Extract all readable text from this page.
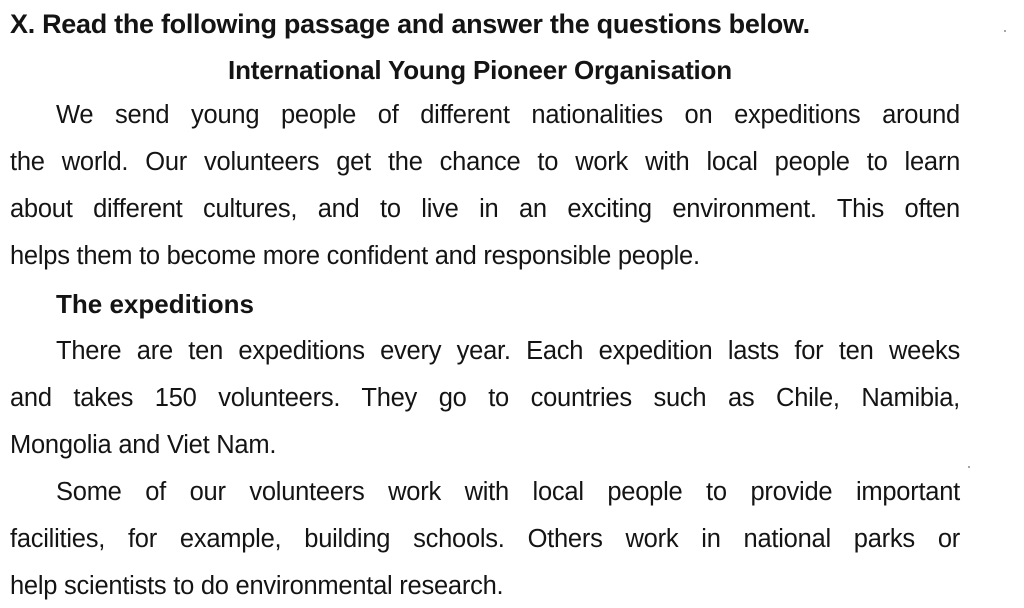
X. Read the following passage and answer the questions below.
International Young Pioneer Organisation
We send young people of different nationalities on expeditions around
the world. Our volunteers get the chance to work with local people to learn
about different cultures, and to live in an exciting environment. This often
helps them to become more confident and responsible people.
The expeditions
There are ten expeditions every year. Each expedition lasts for ten weeks
and takes 150 volunteers. They go to countries such as Chile, Namibia,
Mongolia and Viet Nam.
Some of our volunteers work with local people to provide important
facilities, for example, building schools. Others work in national parks or
help scientists to do environmental research.
